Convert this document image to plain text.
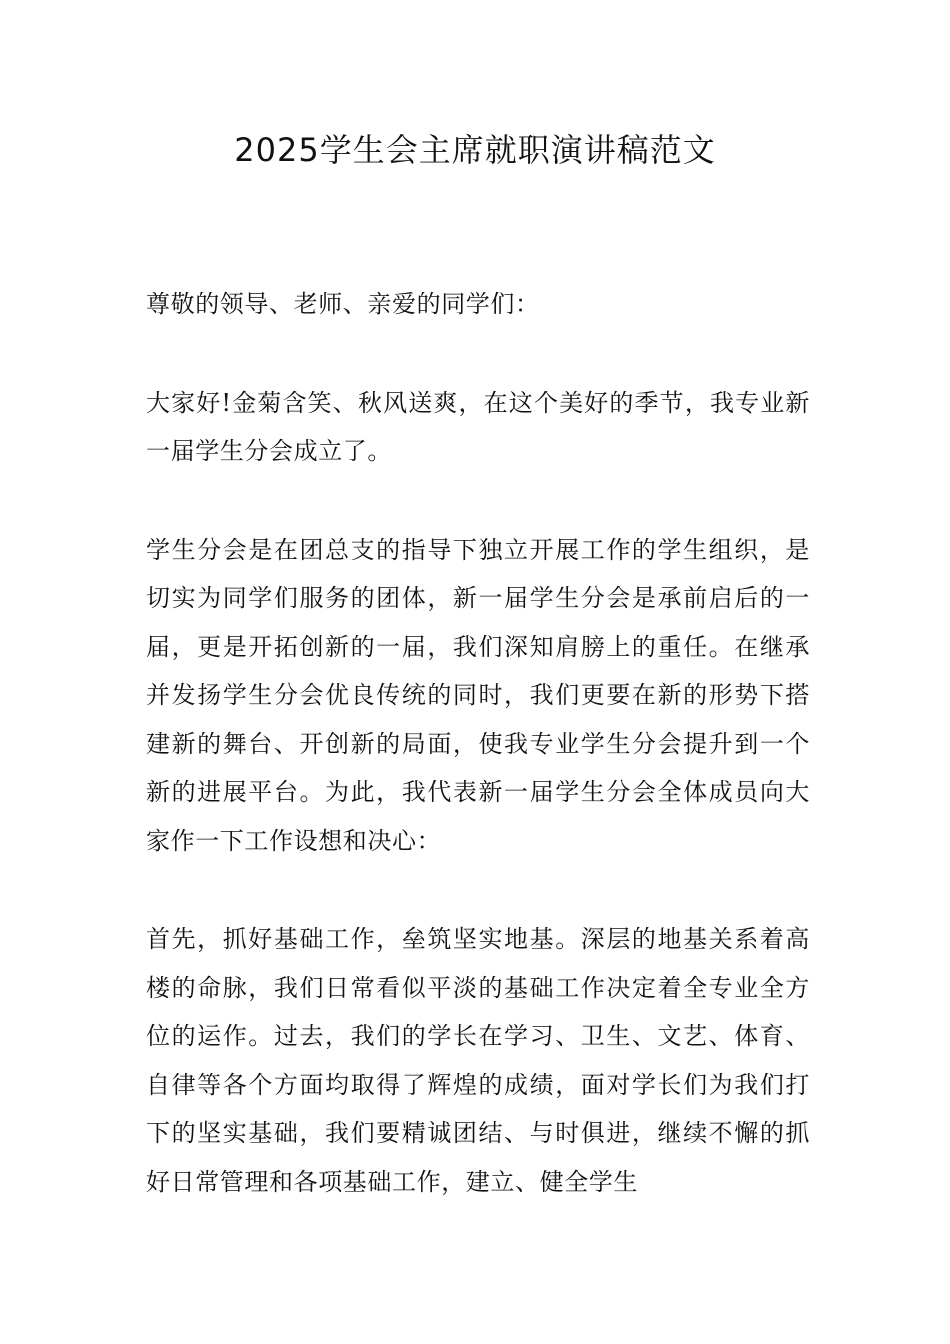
2025学生会主席就职演讲稿范文

尊敬的领导、老师、亲爱的同学们：

大家好!金菊含笑、秋风送爽，在这个美好的季节，我专业新一届学生分会成立了。

学生分会是在团总支的指导下独立开展工作的学生组织，是切实为同学们服务的团体，新一届学生分会是承前启后的一届，更是开拓创新的一届，我们深知肩膀上的重任。在继承并发扬学生分会优良传统的同时，我们更要在新的形势下搭建新的舞台、开创新的局面，使我专业学生分会提升到一个新的进展平台。为此，我代表新一届学生分会全体成员向大家作一下工作设想和决心：

首先，抓好基础工作，垒筑坚实地基。深层的地基关系着高楼的命脉，我们日常看似平淡的基础工作决定着全专业全方位的运作。过去，我们的学长在学习、卫生、文艺、体育、自律等各个方面均取得了辉煌的成绩，面对学长们为我们打下的坚实基础，我们要精诚团结、与时俱进，继续不懈的抓好日常管理和各项基础工作，建立、健全学生
